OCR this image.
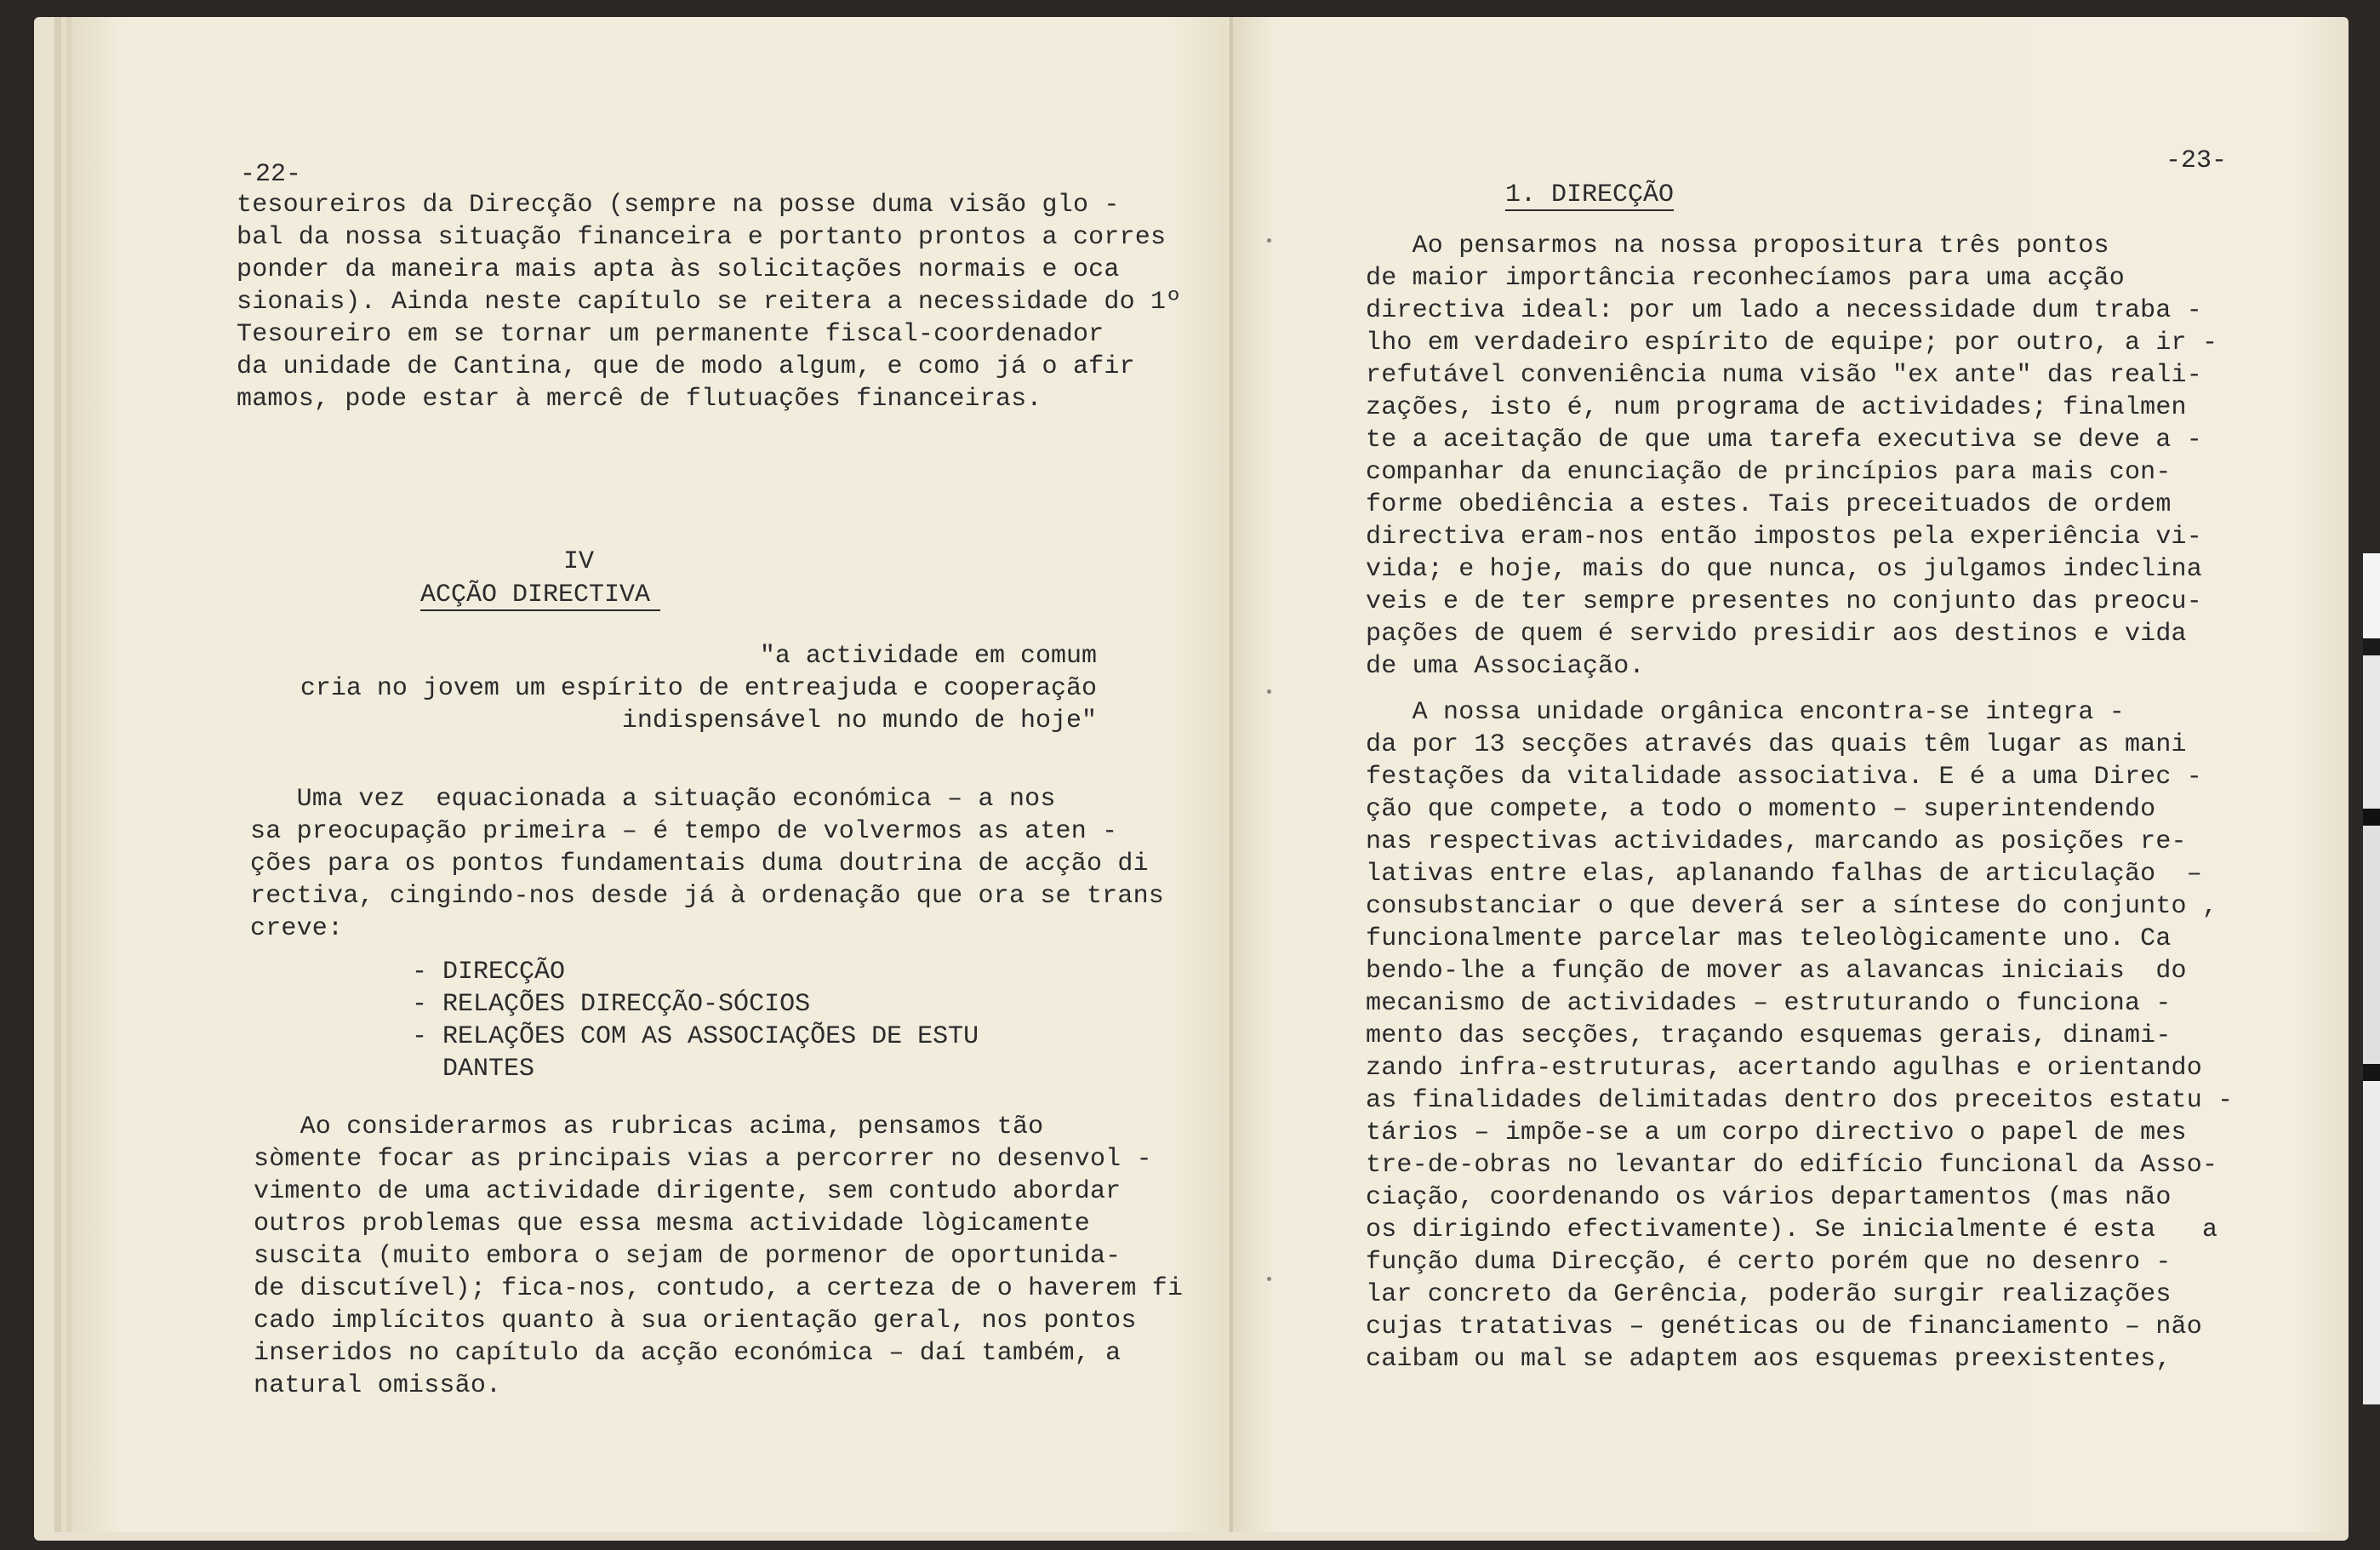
-22-
tesoureiros da Direcção (sempre na posse duma visão glo -
bal da nossa situação financeira e portanto prontos a corres
ponder da maneira mais apta às solicitações normais e oca
sionais). Ainda neste capítulo se reitera a necessidade do 1º
Tesoureiro em se tornar um permanente fiscal-coordenador
da unidade de Cantina, que de modo algum, e como já o afir
mamos, pode estar à mercê de flutuações financeiras.
IV
ACÇÃO DIRECTIVA
"a actividade em comum
cria no jovem um espírito de entreajuda e cooperação
indispensável no mundo de hoje"
Uma vez  equacionada a situação económica – a nos
sa preocupação primeira – é tempo de volvermos as aten -
ções para os pontos fundamentais duma doutrina de acção di
rectiva, cingindo-nos desde já à ordenação que ora se trans
creve:
- DIRECÇÃO
- RELAÇÕES DIRECÇÃO-SÓCIOS
- RELAÇÕES COM AS ASSOCIAÇÕES DE ESTU
DANTES
Ao considerarmos as rubricas acima, pensamos tão
sòmente focar as principais vias a percorrer no desenvol -
vimento de uma actividade dirigente, sem contudo abordar
outros problemas que essa mesma actividade lògicamente
suscita (muito embora o sejam de pormenor de oportunida-
de discutível); fica-nos, contudo, a certeza de o haverem fi
cado implícitos quanto à sua orientação geral, nos pontos
inseridos no capítulo da acção económica – daí também, a
natural omissão.
-23-
1. DIRECÇÃO
Ao pensarmos na nossa propositura três pontos
de maior importância reconhecíamos para uma acção
directiva ideal: por um lado a necessidade dum traba -
lho em verdadeiro espírito de equipe; por outro, a ir -
refutável conveniência numa visão "ex ante" das reali-
zações, isto é, num programa de actividades; finalmen
te a aceitação de que uma tarefa executiva se deve a -
companhar da enunciação de princípios para mais con-
forme obediência a estes. Tais preceituados de ordem
directiva eram-nos então impostos pela experiência vi-
vida; e hoje, mais do que nunca, os julgamos indeclina
veis e de ter sempre presentes no conjunto das preocu-
pações de quem é servido presidir aos destinos e vida
de uma Associação.
A nossa unidade orgânica encontra-se integra -
da por 13 secções através das quais têm lugar as mani
festações da vitalidade associativa. E é a uma Direc -
ção que compete, a todo o momento – superintendendo
nas respectivas actividades, marcando as posições re-
lativas entre elas, aplanando falhas de articulação  –
consubstanciar o que deverá ser a síntese do conjunto ,
funcionalmente parcelar mas teleològicamente uno. Ca
bendo-lhe a função de mover as alavancas iniciais  do
mecanismo de actividades – estruturando o funciona -
mento das secções, traçando esquemas gerais, dinami-
zando infra-estruturas, acertando agulhas e orientando
as finalidades delimitadas dentro dos preceitos estatu -
tários – impõe-se a um corpo directivo o papel de mes
tre-de-obras no levantar do edifício funcional da Asso-
ciação, coordenando os vários departamentos (mas não
os dirigindo efectivamente). Se inicialmente é esta   a
função duma Direcção, é certo porém que no desenro -
lar concreto da Gerência, poderão surgir realizações
cujas tratativas – genéticas ou de financiamento – não
caibam ou mal se adaptem aos esquemas preexistentes,
